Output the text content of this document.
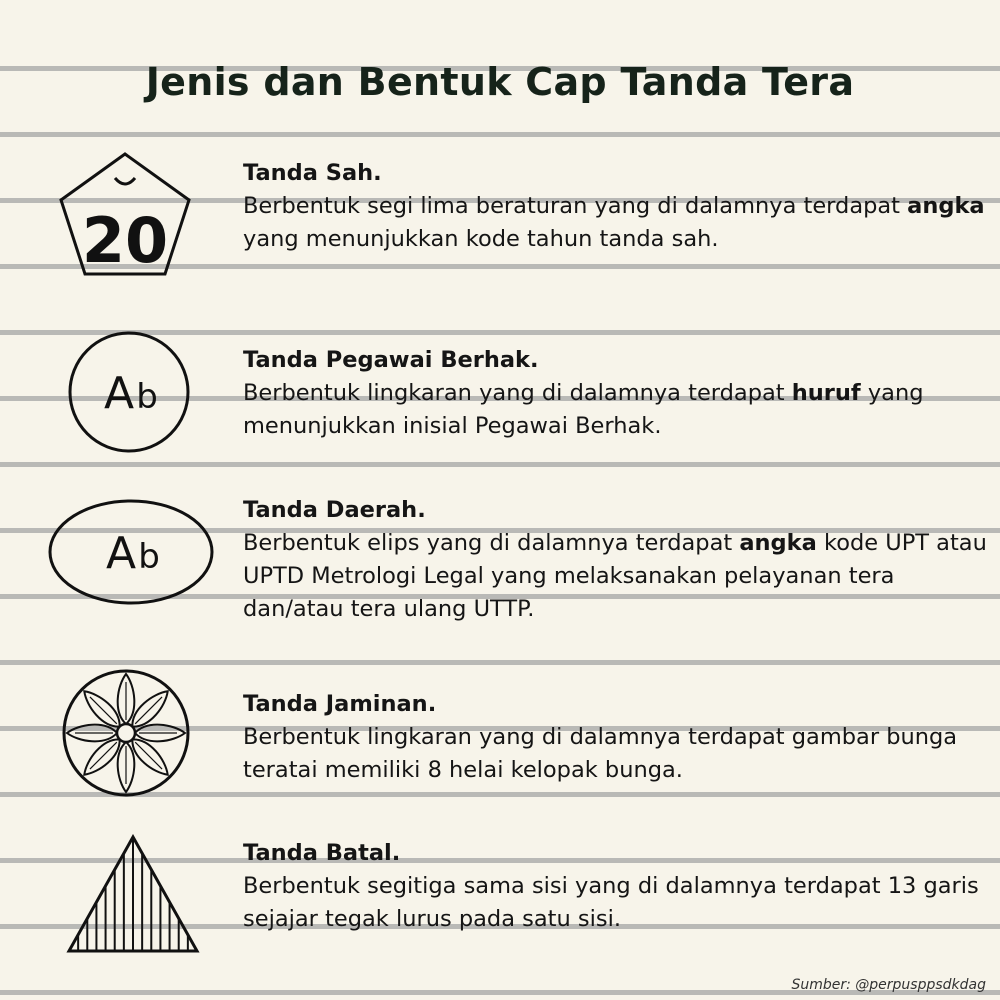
Jenis dan Bentuk Cap Tanda Tera
20
Tanda Sah.
Berbentuk segi lima beraturan yang di dalamnya terdapat angka yang menunjukkan kode tahun tanda sah.
A b
Tanda Pegawai Berhak.
Berbentuk lingkaran yang di dalamnya terdapat huruf yang menunjukkan inisial Pegawai Berhak.
A b
Tanda Daerah.
Berbentuk elips yang di dalamnya terdapat angka kode UPT atau UPTD Metrologi Legal yang melaksanakan pelayanan tera dan/atau tera ulang UTTP.
Tanda Jaminan.
Berbentuk lingkaran yang di dalamnya terdapat gambar bunga teratai memiliki 8 helai kelopak bunga.
Tanda Batal.
Berbentuk segitiga sama sisi yang di dalamnya terdapat 13 garis sejajar tegak lurus pada satu sisi.
Sumber: @perpusppsdkdag
